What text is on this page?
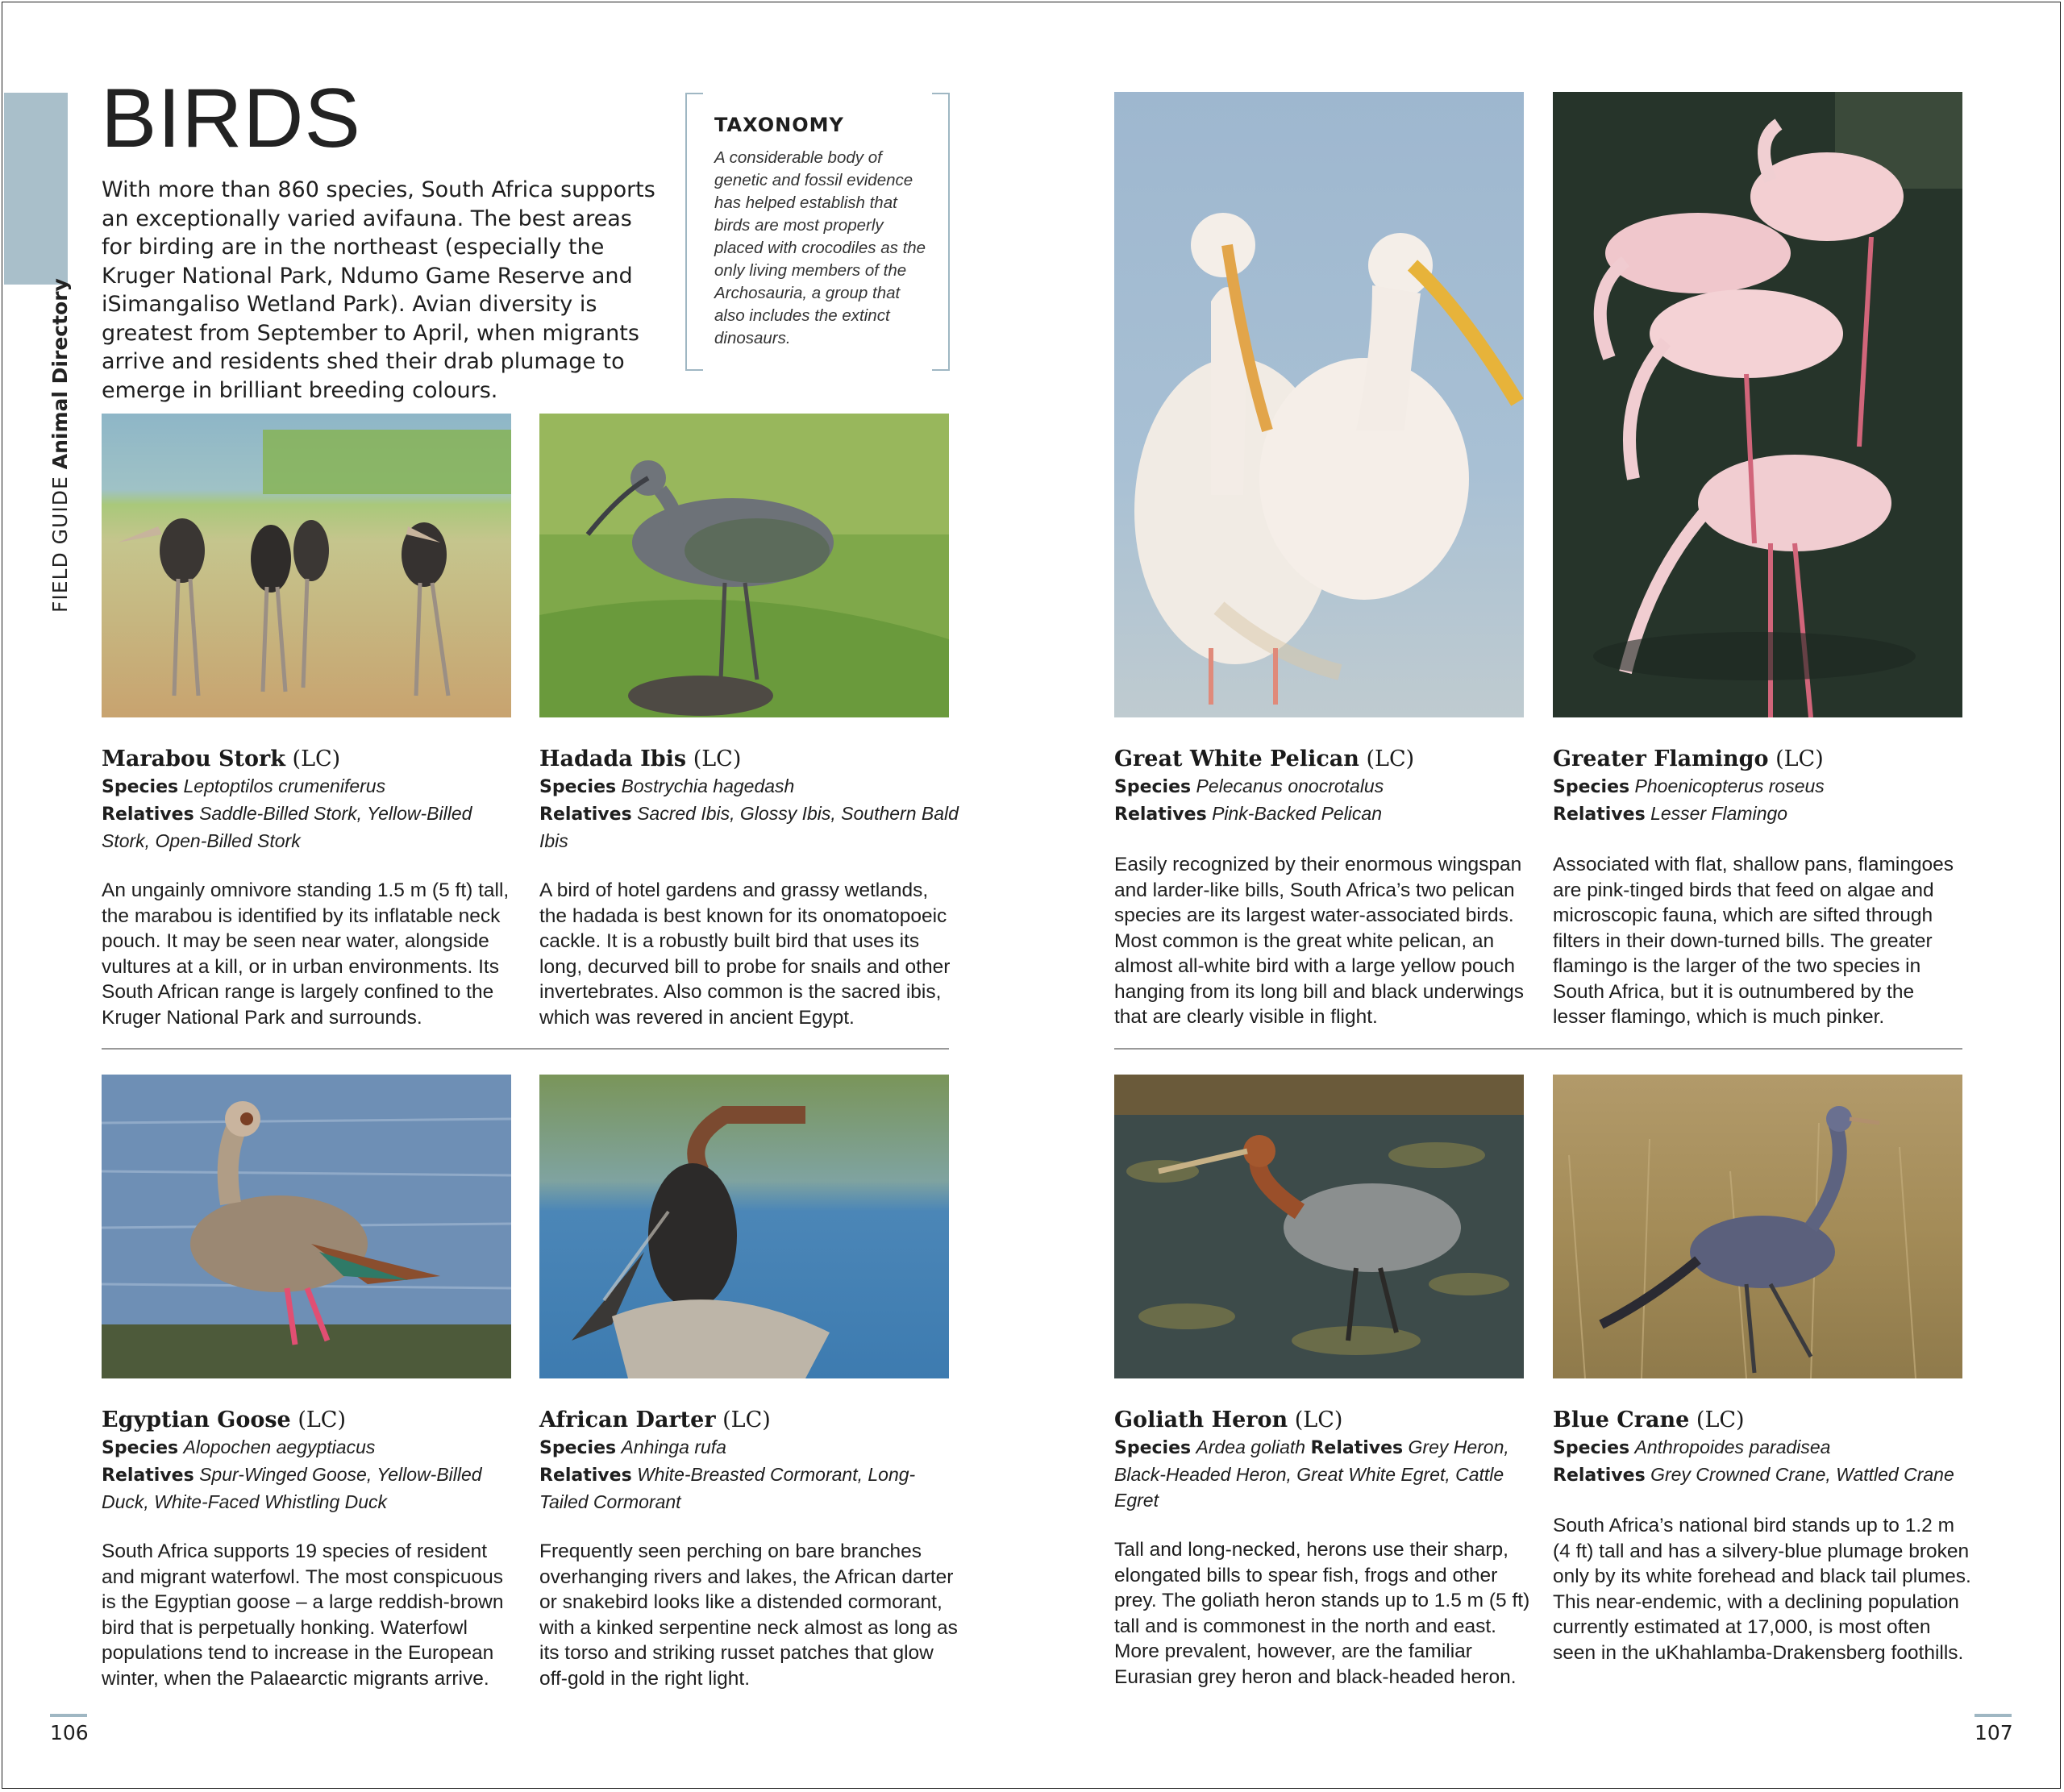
FIELD GUIDEAnimal Directory
BIRDS
With more than 860 species, South Africa supports an exceptionally varied avifauna. The best areas for birding are in the northeast (especially the Kruger National Park, Ndumo Game Reserve and iSimangaliso Wetland Park). Avian diversity is greatest from September to April, when migrants arrive and residents shed their drab plumage to emerge in brilliant breeding colours.
TAXONOMY
A considerable body of genetic and fossil evidence has helped establish that birds are most properly placed with crocodiles as the only living members of the Archosauria, a group that also includes the extinct dinosaurs.
Marabou Stork (LC)
Species Leptoptilos crumeniferus
Relatives Saddle-Billed Stork, Yellow-Billed Stork, Open-Billed Stork
An ungainly omnivore standing 1.5 m (5 ft) tall, the marabou is identified by its inflatable neck pouch. It may be seen near water, alongside vultures at a kill, or in urban environments. Its South African range is largely confined to the Kruger National Park and surrounds.
Hadada Ibis (LC)
Species Bostrychia hagedash
Relatives Sacred Ibis, Glossy Ibis, Southern Bald Ibis
A bird of hotel gardens and grassy wetlands, the hadada is best known for its onomatopoeic cackle. It is a robustly built bird that uses its long, decurved bill to probe for snails and other invertebrates. Also common is the sacred ibis, which was revered in ancient Egypt.
Great White Pelican (LC)
Species Pelecanus onocrotalus
Relatives Pink-Backed Pelican
Easily recognized by their enormous wingspan and larder-like bills, South Africa’s two pelican species are its largest water-associated birds. Most common is the great white pelican, an almost all-white bird with a large yellow pouch hanging from its long bill and black underwings that are clearly visible in flight.
Greater Flamingo (LC)
Species Phoenicopterus roseus
Relatives Lesser Flamingo
Associated with flat, shallow pans, flamingoes are pink-tinged birds that feed on algae and microscopic fauna, which are sifted through filters in their down-turned bills. The greater flamingo is the larger of the two species in South Africa, but it is outnumbered by the lesser flamingo, which is much pinker.
Egyptian Goose (LC)
Species Alopochen aegyptiacus
Relatives Spur-Winged Goose, Yellow-Billed Duck, White-Faced Whistling Duck
South Africa supports 19 species of resident and migrant waterfowl. The most conspicuous is the Egyptian goose – a large reddish-brown bird that is perpetually honking. Waterfowl populations tend to increase in the European winter, when the Palaearctic migrants arrive.
African Darter (LC)
Species Anhinga rufa
Relatives White-Breasted Cormorant, Long-Tailed Cormorant
Frequently seen perching on bare branches overhanging rivers and lakes, the African darter or snakebird looks like a distended cormorant, with a kinked serpentine neck almost as long as its torso and striking russet patches that glow off-gold in the right light.
Goliath Heron (LC)
Species Ardea goliath Relatives Grey Heron, Black-Headed Heron, Great White Egret, Cattle Egret
Tall and long-necked, herons use their sharp, elongated bills to spear fish, frogs and other prey. The goliath heron stands up to 1.5 m (5 ft) tall and is commonest in the north and east. More prevalent, however, are the familiar Eurasian grey heron and black-headed heron.
Blue Crane (LC)
Species Anthropoides paradisea
Relatives Grey Crowned Crane, Wattled Crane
South Africa’s national bird stands up to 1.2 m (4 ft) tall and has a silvery-blue plumage broken only by its white forehead and black tail plumes. This near-endemic, with a declining population currently estimated at 17,000, is most often seen in the uKhahlamba-Drakensberg foothills.
106	107
